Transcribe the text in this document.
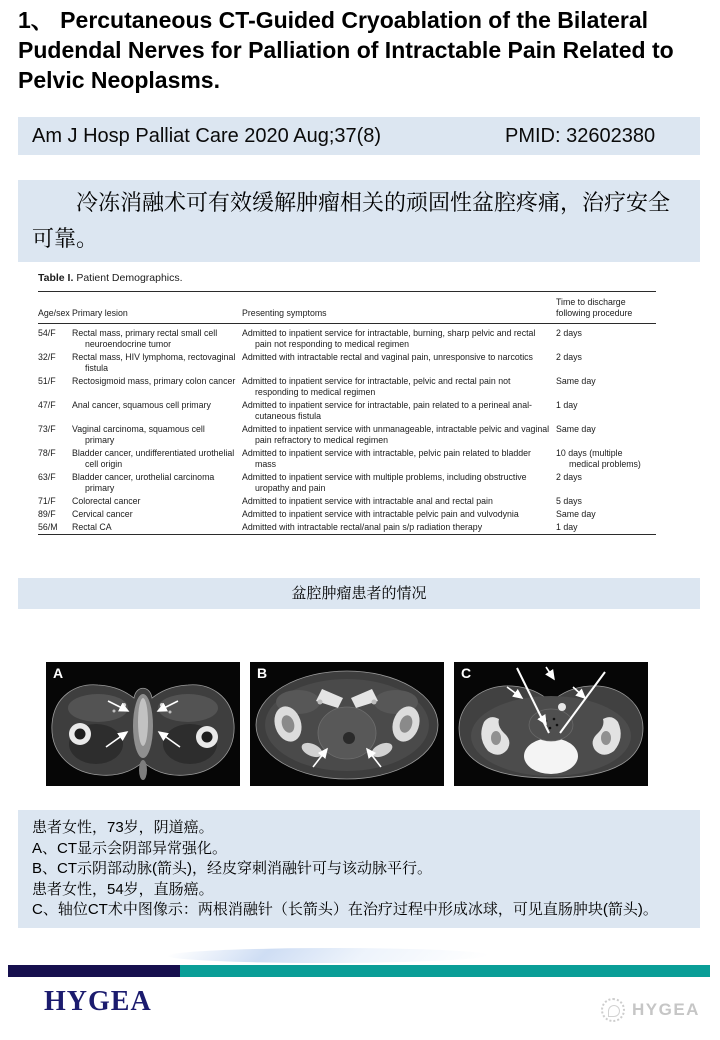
1、 Percutaneous CT-Guided Cryoablation of the Bilateral Pudendal Nerves for Palliation of Intractable Pain Related to Pelvic Neoplasms.
Am J Hosp Palliat Care 2020 Aug;37(8)	PMID: 32602380
冷冻消融术可有效缓解肿瘤相关的顽固性盆腔疼痛，治疗安全可靠。
Table I. Patient Demographics.
Age/sex	Primary lesion	Presenting symptoms	Time to discharge following procedure
54/F	Rectal mass, primary rectal small cell neuroendocrine tumor	Admitted to inpatient service for intractable, burning, sharp pelvic and rectal pain not responding to medical regimen	2 days

32/F	Rectal mass, HIV lymphoma, rectovaginal fistula	Admitted with intractable rectal and vaginal pain, unresponsive to narcotics	2 days

51/F	Rectosigmoid mass, primary colon cancer	Admitted to inpatient service for intractable, pelvic and rectal pain not responding to medical regimen	Same day

47/F	Anal cancer, squamous cell primary	Admitted to inpatient service for intractable, pain related to a perineal anal-cutaneous fistula	1 day

73/F	Vaginal carcinoma, squamous cell primary	Admitted to inpatient service with unmanageable, intractable pelvic and vaginal pain refractory to medical regimen	Same day

78/F	Bladder cancer, undifferentiated urothelial cell origin	Admitted to inpatient service with intractable, pelvic pain related to bladder mass	10 days (multiple medical problems)

63/F	Bladder cancer, urothelial carcinoma primary	Admitted to inpatient service with multiple problems, including obstructive uropathy and pain	2 days

71/F	Colorectal cancer	Admitted to inpatient service with intractable anal and rectal pain	5 days

89/F	Cervical cancer	Admitted to inpatient service with intractable pelvic pain and vulvodynia	Same day

56/M	Rectal CA	Admitted with intractable rectal/anal pain s/p radiation therapy	1 day
盆腔肿瘤患者的情况
A	B	C
患者女性，73岁，阴道癌。
A、CT显示会阴部异常强化。
B、CT示阴部动脉(箭头)，经皮穿刺消融针可与该动脉平行。
患者女性，54岁，直肠癌。
C、轴位CT术中图像示：两根消融针（长箭头）在治疗过程中形成冰球，可见直肠肿块(箭头)。
HYGEA	HYGEA
